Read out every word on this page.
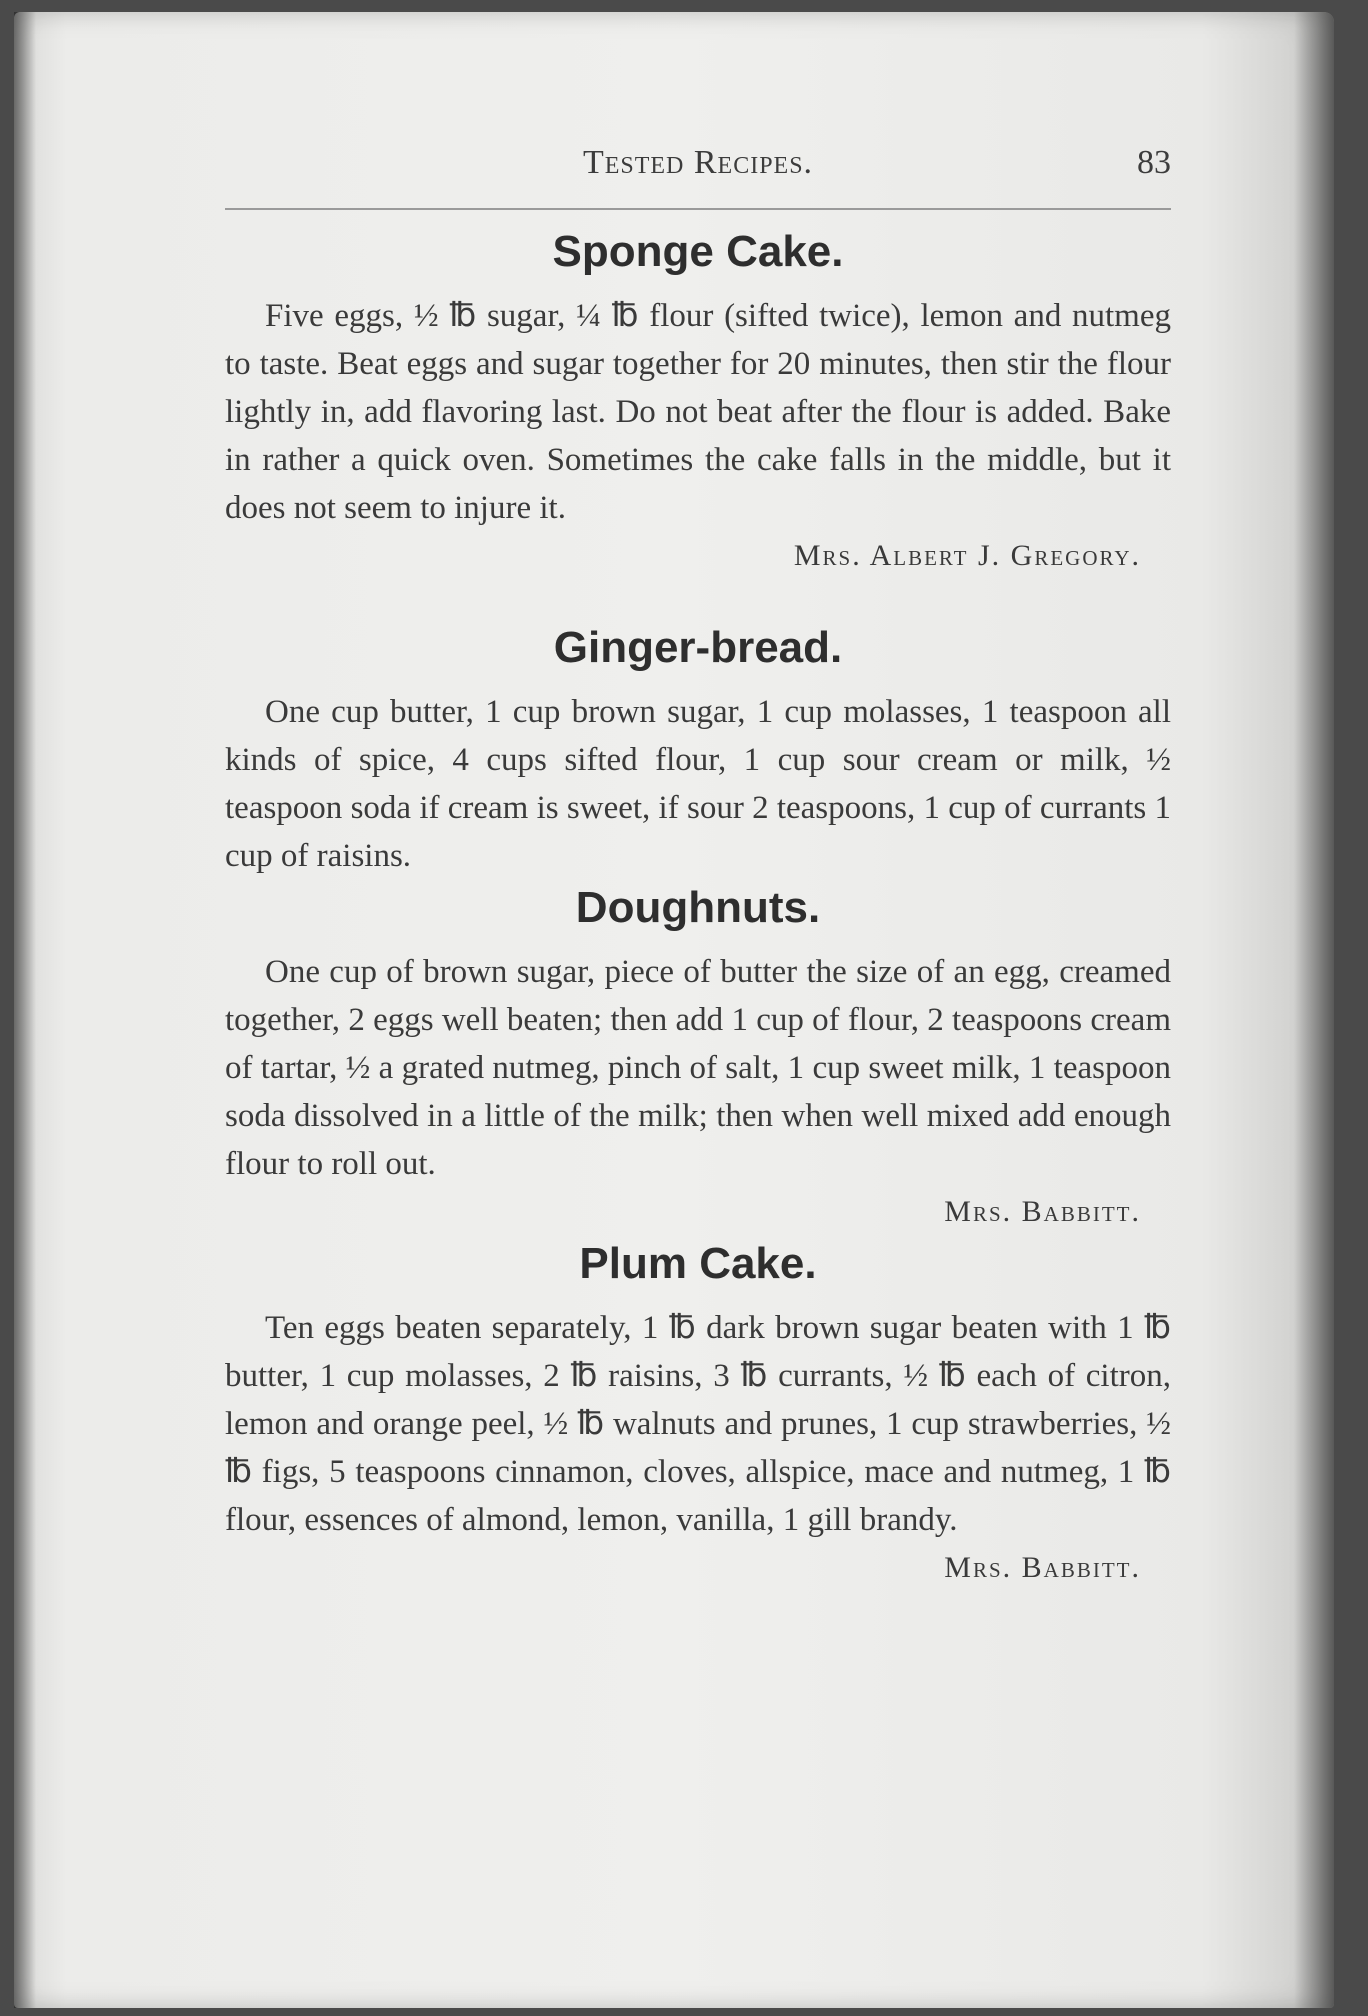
Tested Recipes.	83
Sponge Cake.

Five eggs, ½ ℔ sugar, ¼ ℔ flour (sifted twice), lemon and nutmeg to taste. Beat eggs and sugar together for 20 minutes, then stir the flour lightly in, add flavoring last. Do not beat after the flour is added. Bake in rather a quick oven. Sometimes the cake falls in the middle, but it does not seem to injure it.

Mrs. Albert J. Gregory.

Ginger-bread.

One cup butter, 1 cup brown sugar, 1 cup molasses, 1 teaspoon all kinds of spice, 4 cups sifted flour, 1 cup sour cream or milk, ½ teaspoon soda if cream is sweet, if sour 2 teaspoons, 1 cup of currants 1 cup of raisins.

Doughnuts.

One cup of brown sugar, piece of butter the size of an egg, creamed together, 2 eggs well beaten; then add 1 cup of flour, 2 teaspoons cream of tartar, ½ a grated nutmeg, pinch of salt, 1 cup sweet milk, 1 teaspoon soda dissolved in a little of the milk; then when well mixed add enough flour to roll out.

Mrs. Babbitt.

Plum Cake.

Ten eggs beaten separately, 1 ℔ dark brown sugar beaten with 1 ℔ butter, 1 cup molasses, 2 ℔ raisins, 3 ℔ currants, ½ ℔ each of citron, lemon and orange peel, ½ ℔ walnuts and prunes, 1 cup strawberries, ½ ℔ figs, 5 teaspoons cinnamon, cloves, allspice, mace and nutmeg, 1 ℔ flour, essences of almond, lemon, vanilla, 1 gill brandy.
Mrs. Babbitt.
